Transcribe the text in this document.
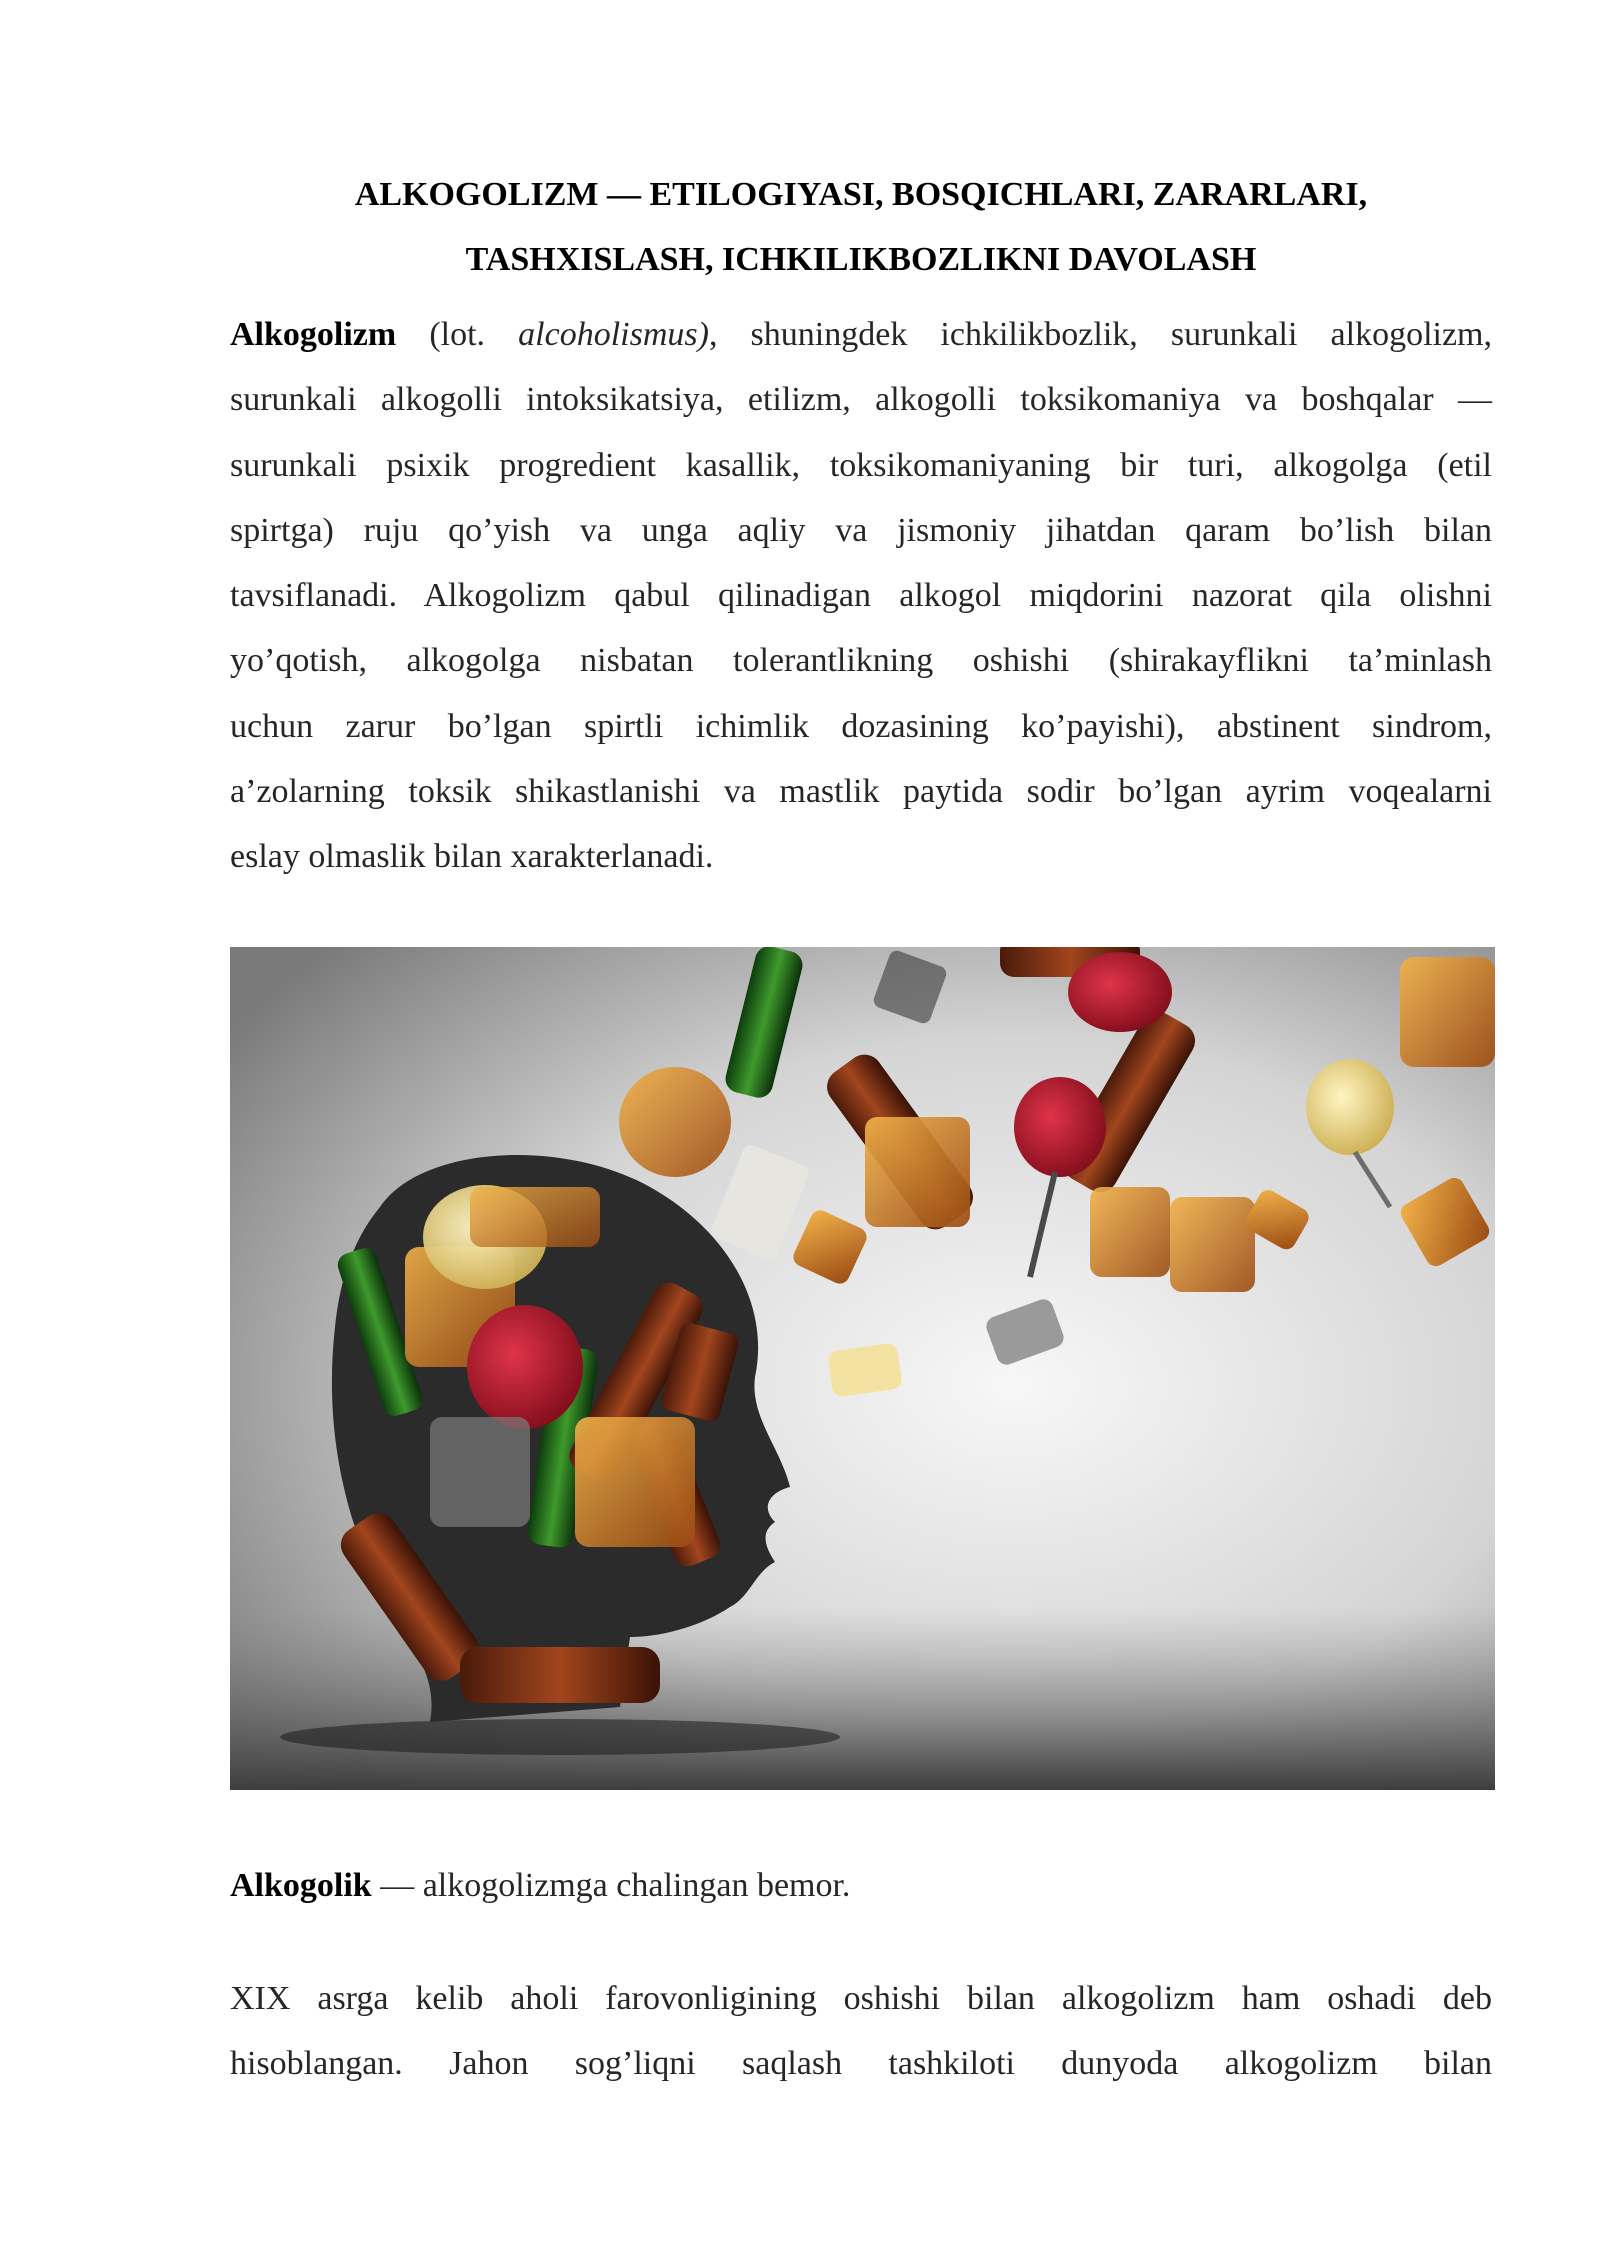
ALKOGOLIZM — ETILOGIYASI, BOSQICHLARI, ZARARLARI,
TASHXISLASH, ICHKILIKBOZLIKNI DAVOLASH
Alkogolizm (lot. alcoholismus), shuningdek ichkilikbozlik, surunkali alkogolizm,
surunkali alkogolli intoksikatsiya, etilizm, alkogolli toksikomaniya va boshqalar —
surunkali psixik progredient kasallik, toksikomaniyaning bir turi, alkogolga (etil
spirtga) ruju qo’yish va unga aqliy va jismoniy jihatdan qaram bo’lish bilan
tavsiflanadi. Alkogolizm qabul qilinadigan alkogol miqdorini nazorat qila olishni
yo’qotish, alkogolga nisbatan tolerantlikning oshishi (shirakayflikni ta’minlash
uchun zarur bo’lgan spirtli ichimlik dozasining ko’payishi), abstinent sindrom,
a’zolarning toksik shikastlanishi va mastlik paytida sodir bo’lgan ayrim voqealarni
eslay olmaslik bilan xarakterlanadi.
Alkogolik — alkogolizmga chalingan bemor.
XIX asrga kelib aholi farovonligining oshishi bilan alkogolizm ham oshadi deb
hisoblangan. Jahon sog’liqni saqlash tashkiloti dunyoda alkogolizm bilan
